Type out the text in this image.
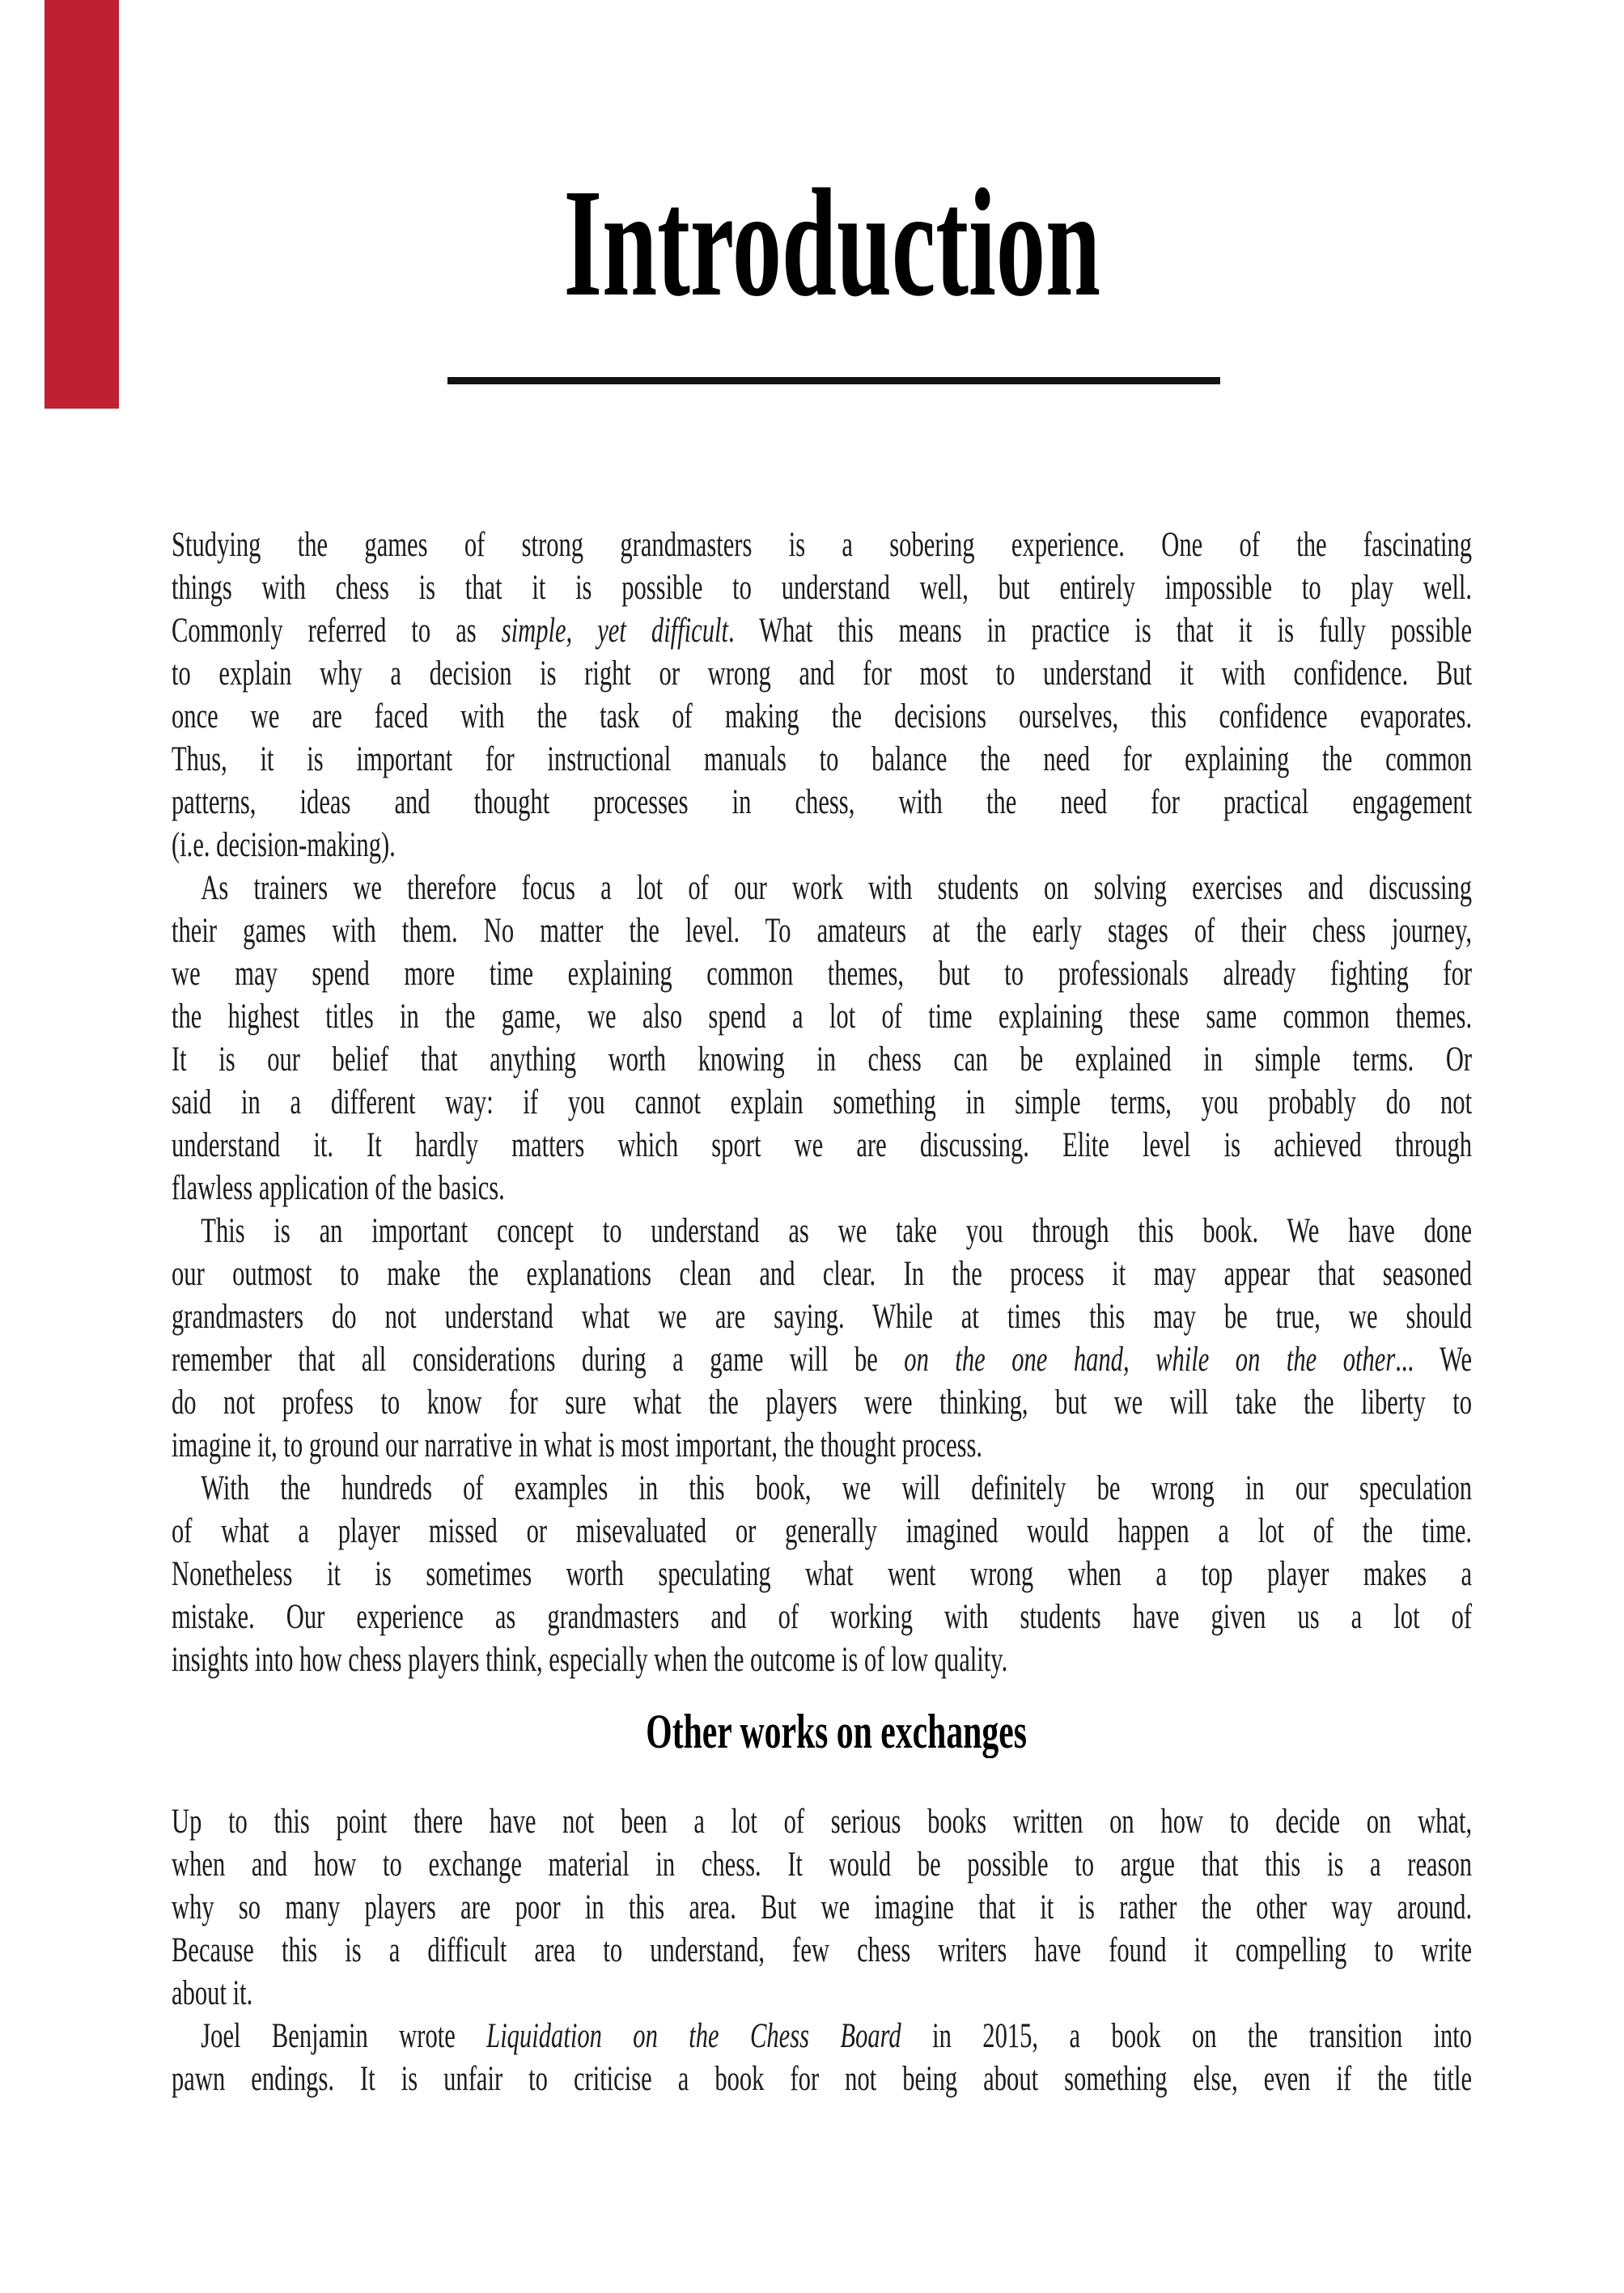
Introduction
Studying the games of strong grandmasters is a sobering experience. One of the fascinating
things with chess is that it is possible to understand well, but entirely impossible to play well.
Commonly referred to as simple, yet difficult. What this means in practice is that it is fully possible
to explain why a decision is right or wrong and for most to understand it with confidence. But
once we are faced with the task of making the decisions ourselves, this confidence evaporates.
Thus, it is important for instructional manuals to balance the need for explaining the common
patterns, ideas and thought processes in chess, with the need for practical engagement
(i.e. decision-making).
As trainers we therefore focus a lot of our work with students on solving exercises and discussing
their games with them. No matter the level. To amateurs at the early stages of their chess journey,
we may spend more time explaining common themes, but to professionals already fighting for
the highest titles in the game, we also spend a lot of time explaining these same common themes.
It is our belief that anything worth knowing in chess can be explained in simple terms. Or
said in a different way: if you cannot explain something in simple terms, you probably do not
understand it. It hardly matters which sport we are discussing. Elite level is achieved through
flawless application of the basics.
This is an important concept to understand as we take you through this book. We have done
our outmost to make the explanations clean and clear. In the process it may appear that seasoned
grandmasters do not understand what we are saying. While at times this may be true, we should
remember that all considerations during a game will be on the one hand, while on the other... We
do not profess to know for sure what the players were thinking, but we will take the liberty to
imagine it, to ground our narrative in what is most important, the thought process.
With the hundreds of examples in this book, we will definitely be wrong in our speculation
of what a player missed or misevaluated or generally imagined would happen a lot of the time.
Nonetheless it is sometimes worth speculating what went wrong when a top player makes a
mistake. Our experience as grandmasters and of working with students have given us a lot of
insights into how chess players think, especially when the outcome is of low quality.
Other works on exchanges
Up to this point there have not been a lot of serious books written on how to decide on what,
when and how to exchange material in chess. It would be possible to argue that this is a reason
why so many players are poor in this area. But we imagine that it is rather the other way around.
Because this is a difficult area to understand, few chess writers have found it compelling to write
about it.
Joel Benjamin wrote Liquidation on the Chess Board in 2015, a book on the transition into
pawn endings. It is unfair to criticise a book for not being about something else, even if the title
